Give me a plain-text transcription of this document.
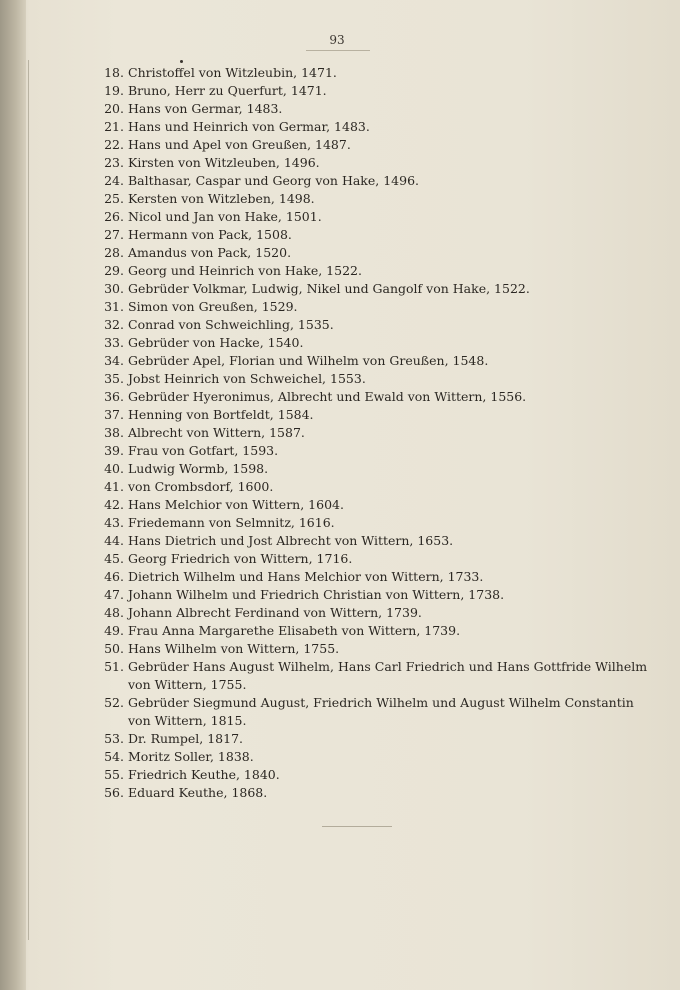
93
18. Christoffel von Witzleubin, 1471.
19. Bruno, Herr zu Querfurt, 1471.
20. Hans von Germar, 1483.
21. Hans und Heinrich von Germar, 1483.
22. Hans und Apel von Greußen, 1487.
23. Kirsten von Witzleuben, 1496.
24. Balthasar, Caspar und Georg von Hake, 1496.
25. Kersten von Witzleben, 1498.
26. Nicol und Jan von Hake, 1501.
27. Hermann von Pack, 1508.
28. Amandus von Pack, 1520.
29. Georg und Heinrich von Hake, 1522.
30. Gebrüder Volkmar, Ludwig, Nikel und Gangolf von Hake, 1522.
31. Simon von Greußen, 1529.
32. Conrad von Schweichling, 1535.
33. Gebrüder von Hacke, 1540.
34. Gebrüder Apel, Florian und Wilhelm von Greußen, 1548.
35. Jobst Heinrich von Schweichel, 1553.
36. Gebrüder Hyeronimus, Albrecht und Ewald von Wittern, 1556.
37. Henning von Bortfeldt, 1584.
38. Albrecht von Wittern, 1587.
39. Frau von Gotfart, 1593.
40. Ludwig Wormb, 1598.
41. von Crombsdorf, 1600.
42. Hans Melchior von Wittern, 1604.
43. Friedemann von Selmnitz, 1616.
44. Hans Dietrich und Jost Albrecht von Wittern, 1653.
45. Georg Friedrich von Wittern, 1716.
46. Dietrich Wilhelm und Hans Melchior von Wittern, 1733.
47. Johann Wilhelm und Friedrich Christian von Wittern, 1738.
48. Johann Albrecht Ferdinand von Wittern, 1739.
49. Frau Anna Margarethe Elisabeth von Wittern, 1739.
50. Hans Wilhelm von Wittern, 1755.
51. Gebrüder Hans August Wilhelm, Hans Carl Friedrich und Hans Gottfride Wilhelm von Wittern, 1755.
52. Gebrüder Siegmund August, Friedrich Wilhelm und August Wilhelm Constantin von Wittern, 1815.
53. Dr. Rumpel, 1817.
54. Moritz Soller, 1838.
55. Friedrich Keuthe, 1840.
56. Eduard Keuthe, 1868.
